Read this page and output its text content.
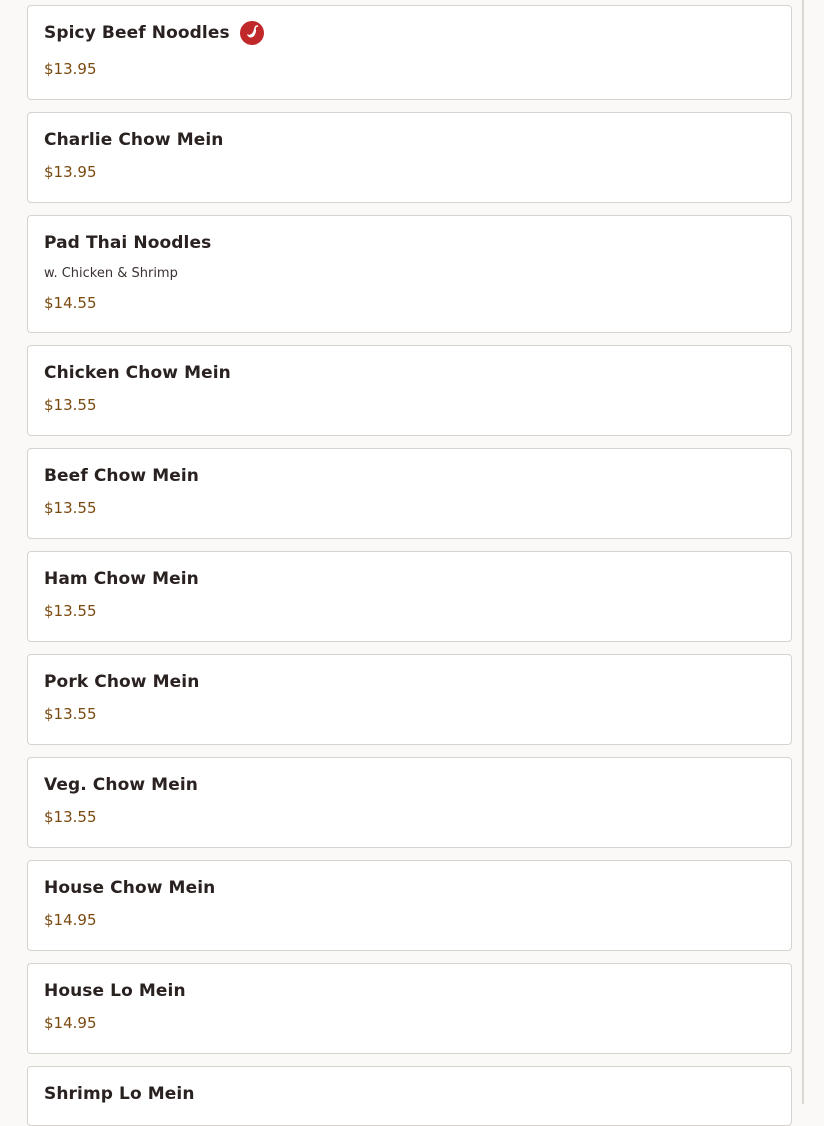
Spicy Beef Noodles
$13.95
Charlie Chow Mein
$13.95
Pad Thai Noodles
w. Chicken & Shrimp
$14.55
Chicken Chow Mein
$13.55
Beef Chow Mein
$13.55
Ham Chow Mein
$13.55
Pork Chow Mein
$13.55
Veg. Chow Mein
$13.55
House Chow Mein
$14.95
House Lo Mein
$14.95
Shrimp Lo Mein
